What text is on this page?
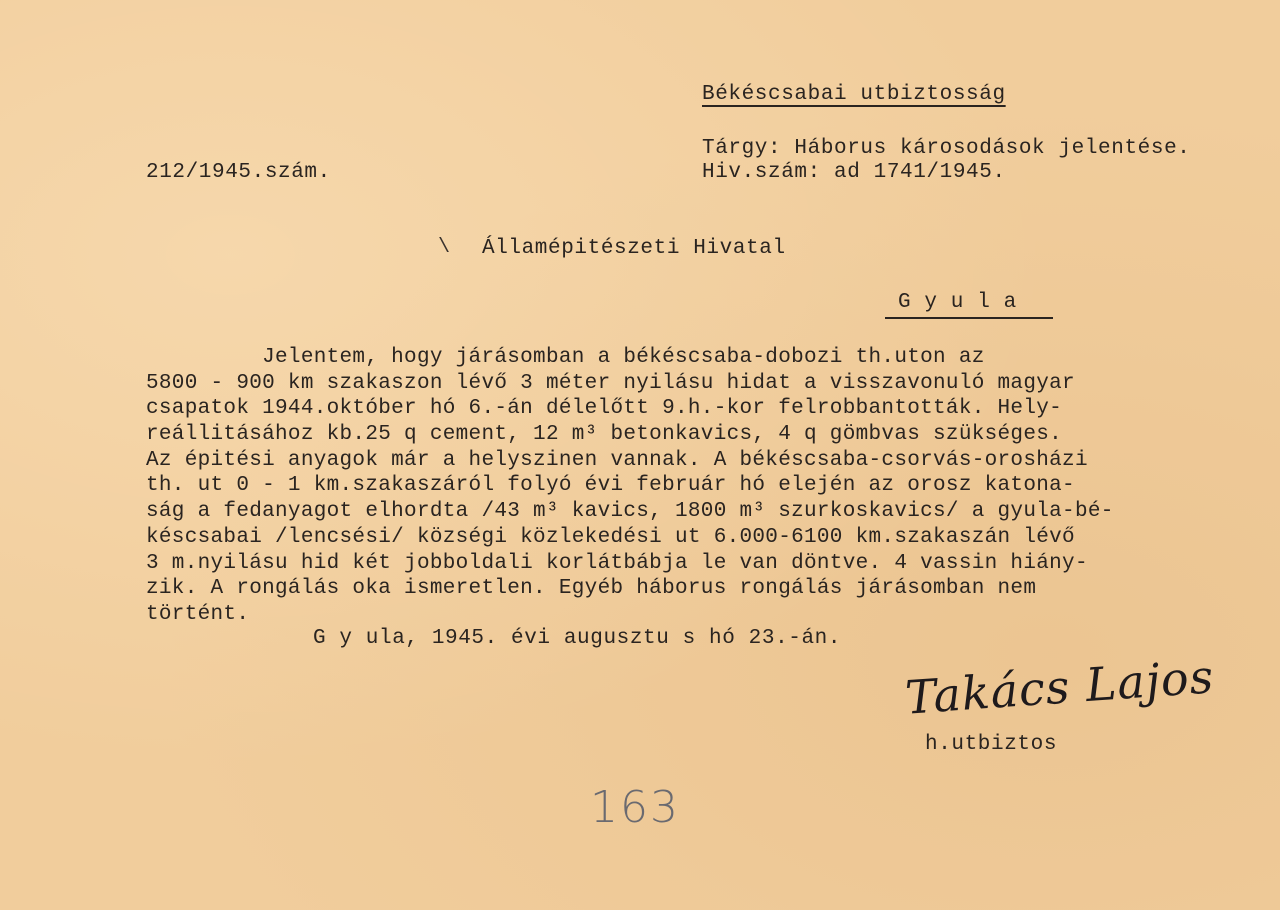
Békéscsabai utbiztosság
Tárgy: Háborus károsodások jelentése.
Hiv.szám: ad 1741/1945.
212/1945.szám.
\ Államépitészeti Hivatal
G y u l a
Jelentem, hogy járásomban a békéscsaba-dobozi th.uton az
5800 - 900 km szakaszon lévő 3 méter nyilásu hidat a visszavonuló magyar
csapatok 1944.október hó 6.-án délelőtt 9.h.-kor felrobbantották. Hely-
reállitásához kb.25 q cement, 12 m³ betonkavics, 4 q gömbvas szükséges.
Az épitési anyagok már a helyszinen vannak. A békéscsaba-csorvás-orosházi
th. ut 0 - 1 km.szakaszáról folyó évi február hó elején az orosz katona-
ság a fedanyagot elhordta /43 m³ kavics, 1800 m³ szurkoskavics/ a gyula-bé-
késcsabai /lencsési/ községi közlekedési ut 6.000-6100 km.szakaszán lévő
3 m.nyilásu hid két jobboldali korlátbábja le van döntve. 4 vassin hiány-
zik. A rongálás oka ismeretlen. Egyéb háborus rongálás járásomban nem
történt.
G y ula, 1945. évi augusztu s hó 23.-án.
Takács Lajos
h.utbiztos
163
